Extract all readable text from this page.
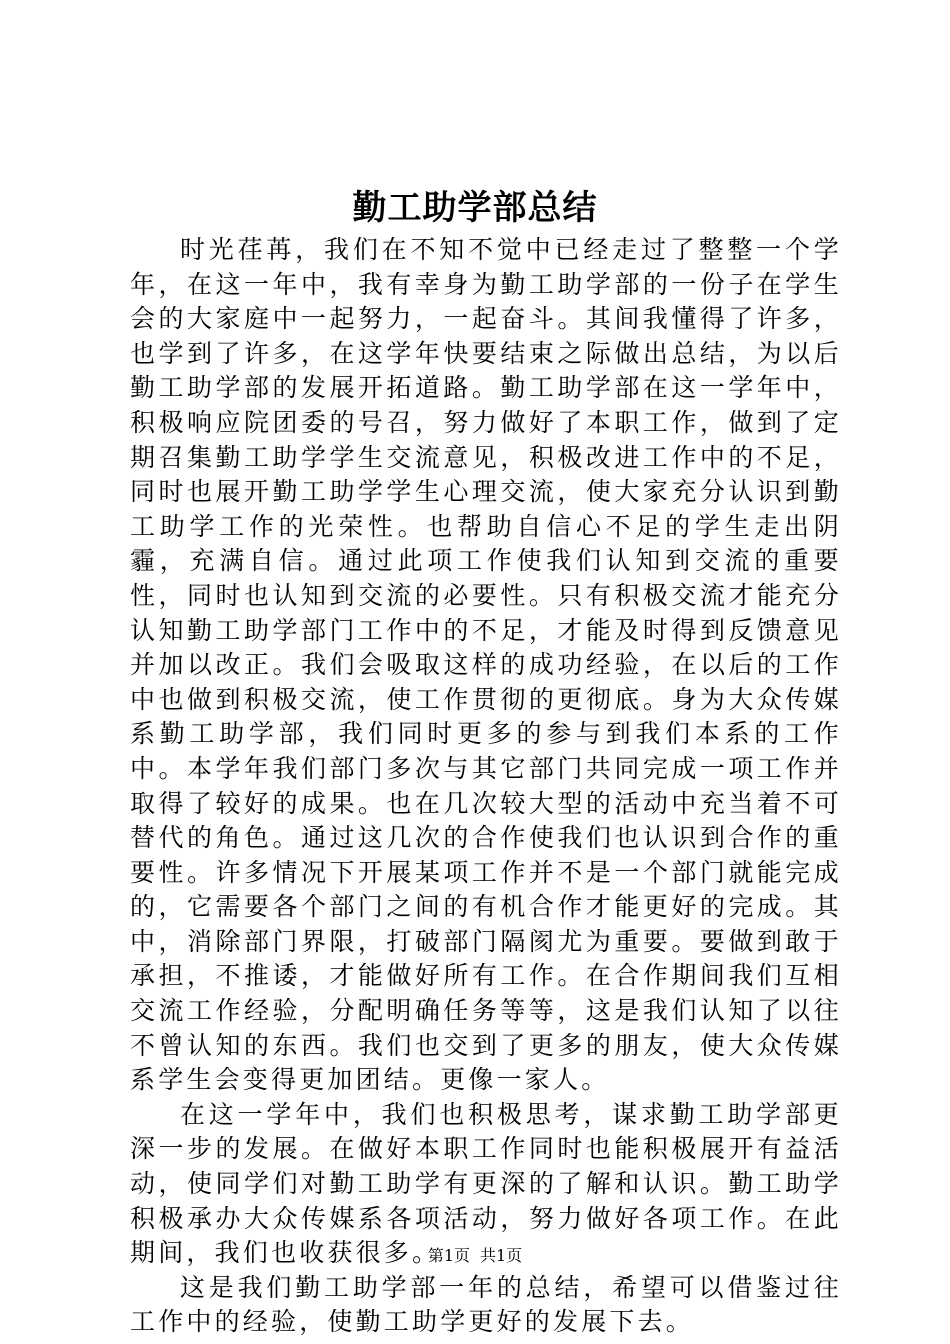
勤工助学部总结

时光荏苒，我们在不知不觉中已经走过了整整一个学年，在这一年中，我有幸身为勤工助学部的一份子在学生会的大家庭中一起努力，一起奋斗。其间我懂得了许多，也学到了许多，在这学年快要结束之际做出总结，为以后勤工助学部的发展开拓道路。勤工助学部在这一学年中，积极响应院团委的号召，努力做好了本职工作，做到了定期召集勤工助学学生交流意见，积极改进工作中的不足，同时也展开勤工助学学生心理交流，使大家充分认识到勤工助学工作的光荣性。也帮助自信心不足的学生走出阴霾，充满自信。通过此项工作使我们认知到交流的重要性，同时也认知到交流的必要性。只有积极交流才能充分认知勤工助学部门工作中的不足，才能及时得到反馈意见并加以改正。我们会吸取这样的成功经验，在以后的工作中也做到积极交流，使工作贯彻的更彻底。身为大众传媒系勤工助学部，我们同时更多的参与到我们本系的工作中。本学年我们部门多次与其它部门共同完成一项工作并取得了较好的成果。也在几次较大型的活动中充当着不可替代的角色。通过这几次的合作使我们也认识到合作的重要性。许多情况下开展某项工作并不是一个部门就能完成的，它需要各个部门之间的有机合作才能更好的完成。其中，消除部门界限，打破部门隔阂尤为重要。要做到敢于承担，不推诿，才能做好所有工作。在合作期间我们互相交流工作经验，分配明确任务等等，这是我们认知了以往不曾认知的东西。我们也交到了更多的朋友，使大众传媒系学生会变得更加团结。更像一家人。

在这一学年中，我们也积极思考，谋求勤工助学部更深一步的发展。在做好本职工作同时也能积极展开有益活动，使同学们对勤工助学有更深的了解和认识。勤工助学积极承办大众传媒系各项活动，努力做好各项工作。在此期间，我们也收获很多。

这是我们勤工助学部一年的总结，希望可以借鉴过往工作中的经验，使勤工助学更好的发展下去。

第1页 共1页
